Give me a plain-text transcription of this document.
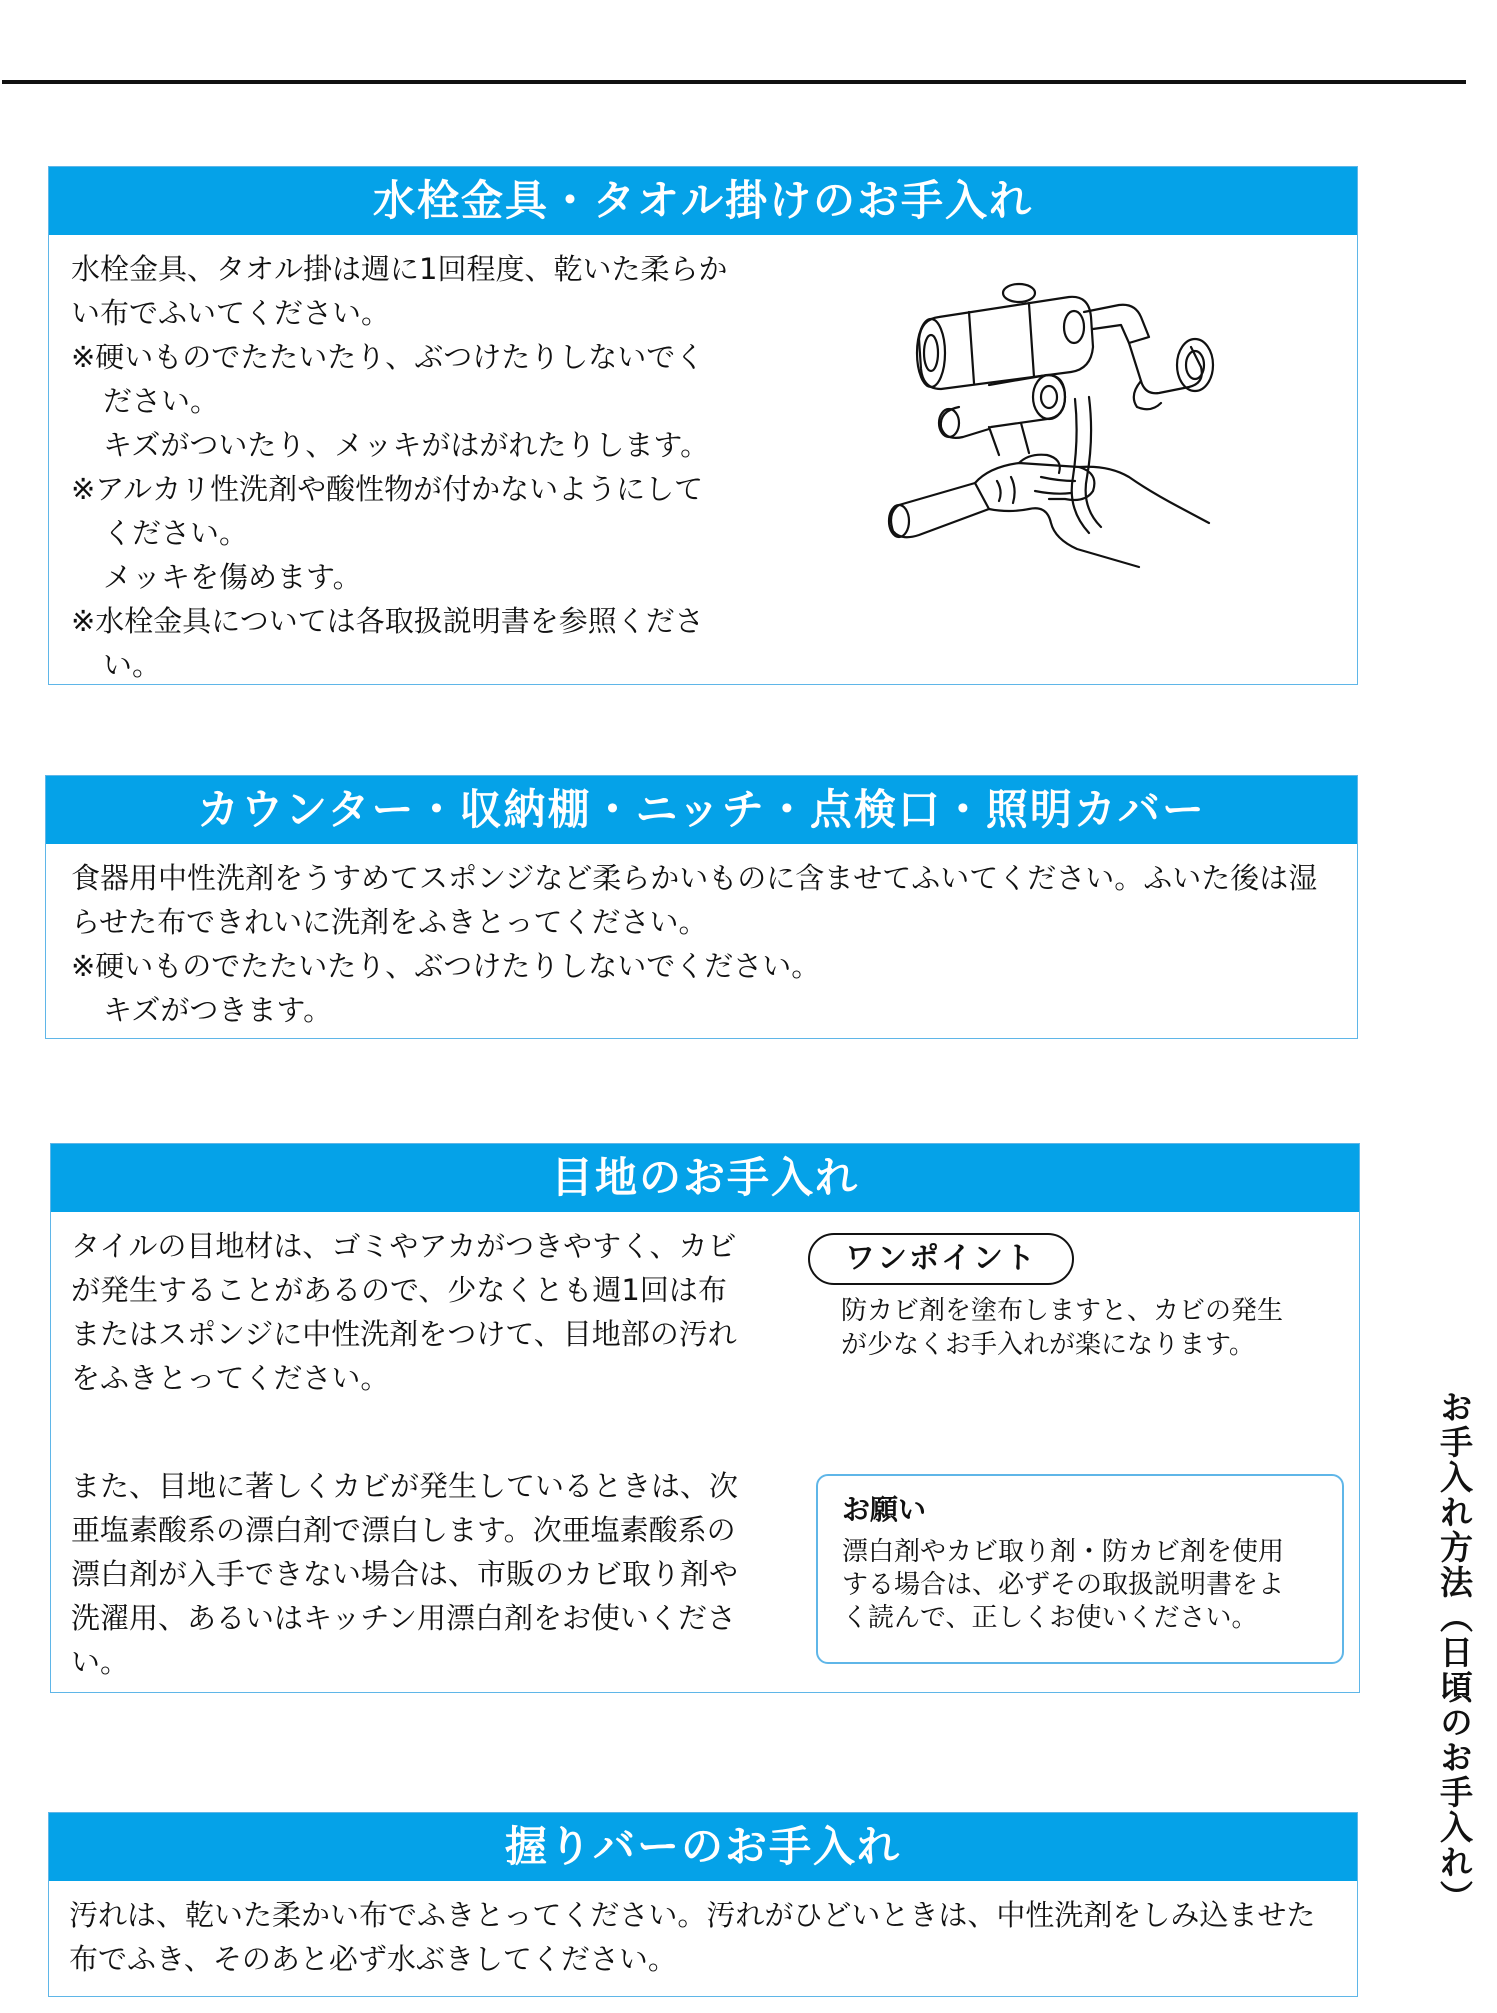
水栓金具・タオル掛けのお手入れ
水栓金具、タオル掛は週に1回程度、乾いた柔らか
い布でふいてください。
※硬いものでたたいたり、ぶつけたりしないでく
ださい。
キズがついたり、メッキがはがれたりします。
※アルカリ性洗剤や酸性物が付かないようにして
ください。
メッキを傷めます。
※水栓金具については各取扱説明書を参照くださ
い。
カウンター・収納棚・ニッチ・点検口・照明カバー
食器用中性洗剤をうすめてスポンジなど柔らかいものに含ませてふいてください。ふいた後は湿
らせた布できれいに洗剤をふきとってください。
※硬いものでたたいたり、ぶつけたりしないでください。
キズがつきます。
目地のお手入れ
タイルの目地材は、ゴミやアカがつきやすく、カビ
が発生することがあるので、少なくとも週1回は布
またはスポンジに中性洗剤をつけて、目地部の汚れ
をふきとってください。
また、目地に著しくカビが発生しているときは、次
亜塩素酸系の漂白剤で漂白します。次亜塩素酸系の
漂白剤が入手できない場合は、市販のカビ取り剤や
洗濯用、あるいはキッチン用漂白剤をお使いくださ
い。
ワンポイント
防カビ剤を塗布しますと、カビの発生
が少なくお手入れが楽になります。
お願い
漂白剤やカビ取り剤・防カビ剤を使用
する場合は、必ずその取扱説明書をよ
く読んで、正しくお使いください。
握りバーのお手入れ
汚れは、乾いた柔かい布でふきとってください。汚れがひどいときは、中性洗剤をしみ込ませた
布でふき、そのあと必ず水ぶきしてください。
お手入れ方法（日頃のお手入れ）
